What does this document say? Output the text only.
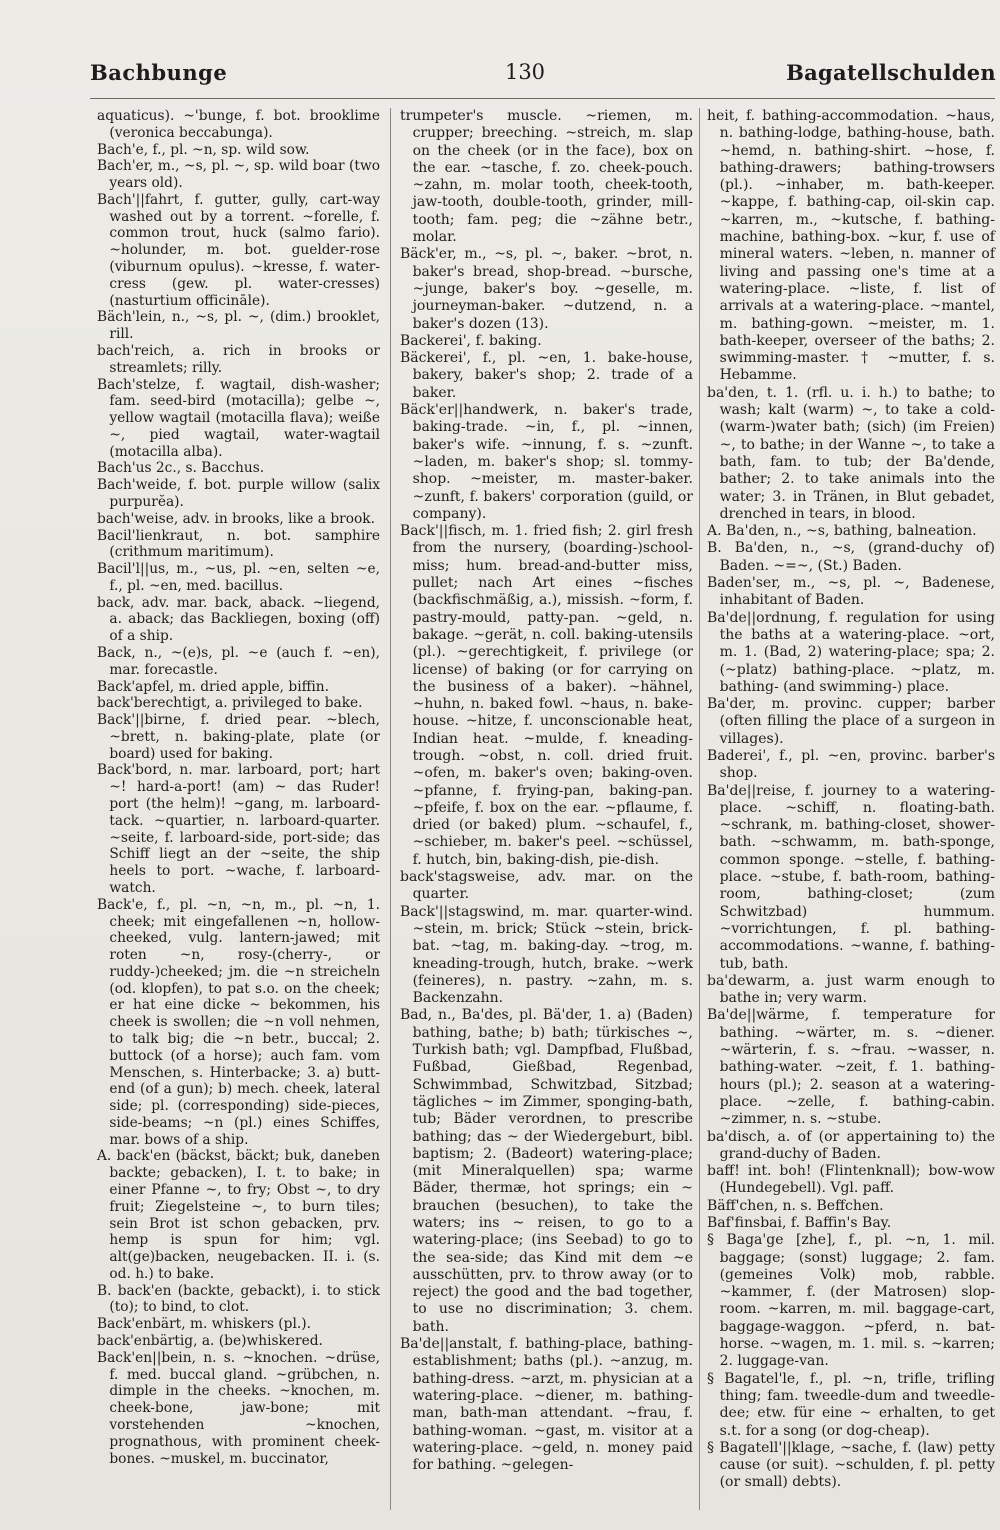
Bachbunge	130	Bagatellschulden

aquaticus). ~'bunge, f. bot. brooklime (veronica beccabunga).

Bach'e, f., pl. ~n, sp. wild sow.

Bach'er, m., ~s, pl. ~, sp. wild boar (two years old).

Bach'||fahrt, f. gutter, gully, cart-way washed out by a torrent. ~forelle, f. common trout, huck (salmo fario). ~holunder, m. bot. guelder-rose (viburnum opulus). ~kresse, f. water-cress (gew. pl. water-cresses) (nasturtium officināle).

Bäch'lein, n., ~s, pl. ~, (dim.) brooklet, rill.

bach'reich, a. rich in brooks or streamlets; rilly.

Bach'stelze, f. wagtail, dish-washer; fam. seed-bird (motacilla); gelbe ~, yellow wagtail (motacilla flava); weiße ~, pied wagtail, water-wagtail (motacilla alba).

Bach'us 2c., s. Bacchus.

Bach'weide, f. bot. purple willow (salix purpurĕa).

bach'weise, adv. in brooks, like a brook.

Bacil'lienkraut, n. bot. samphire (crithmum maritimum).

Bacil'l||us, m., ~us, pl. ~en, selten ~e, f., pl. ~en, med. bacillus.

back, adv. mar. back, aback. ~liegend, a. aback; das Backliegen, boxing (off) of a ship.

Back, n., ~(e)s, pl. ~e (auch f. ~en), mar. forecastle.

Back'apfel, m. dried apple, biffin.

back'berechtigt, a. privileged to bake.

Back'||birne, f. dried pear. ~blech, ~brett, n. baking-plate, plate (or board) used for baking.

Back'bord, n. mar. larboard, port; hart ~! hard-a-port! (am) ~ das Ruder! port (the helm)! ~gang, m. larboard-tack. ~quartier, n. larboard-quarter. ~seite, f. larboard-side, port-side; das Schiff liegt an der ~seite, the ship heels to port. ~wache, f. larboard-watch.

Back'e, f., pl. ~n, ~n, m., pl. ~n, 1. cheek; mit eingefallenen ~n, hollow-cheeked, vulg. lantern-jawed; mit roten ~n, rosy-(cherry-, or ruddy-)cheeked; jm. die ~n streicheln (od. klopfen), to pat s.o. on the cheek; er hat eine dicke ~ bekommen, his cheek is swollen; die ~n voll nehmen, to talk big; die ~n betr., buccal; 2. buttock (of a horse); auch fam. vom Menschen, s. Hinterbacke; 3. a) butt-end (of a gun); b) mech. cheek, lateral side; pl. (corresponding) side-pieces, side-beams; ~n (pl.) eines Schiffes, mar. bows of a ship.

A. back'en (bäckst, bäckt; buk, daneben backte; gebacken), I. t. to bake; in einer Pfanne ~, to fry; Obst ~, to dry fruit; Ziegelsteine ~, to burn tiles; sein Brot ist schon gebacken, prv. hemp is spun for him; vgl. alt(ge)backen, neugebacken. II. i. (s. od. h.) to bake.

B. back'en (backte, gebackt), i. to stick (to); to bind, to clot.

Back'enbärt, m. whiskers (pl.).

back'enbärtig, a. (be)whiskered.

Back'en||bein, n. s. ~knochen. ~drüse, f. med. buccal gland. ~grübchen, n. dimple in the cheeks. ~knochen, m. cheek-bone, jaw-bone; mit vorstehenden ~knochen, prognathous, with prominent cheek-bones. ~muskel, m. buccinator,

trumpeter's muscle. ~riemen, m. crupper; breeching. ~streich, m. slap on the cheek (or in the face), box on the ear. ~tasche, f. zo. cheek-pouch. ~zahn, m. molar tooth, cheek-tooth, jaw-tooth, double-tooth, grinder, mill-tooth; fam. peg; die ~zähne betr., molar.

Bäck'er, m., ~s, pl. ~, baker. ~brot, n. baker's bread, shop-bread. ~bursche, ~junge, baker's boy. ~geselle, m. journeyman-baker. ~dutzend, n. a baker's dozen (13).

Backerei', f. baking.

Bäckerei', f., pl. ~en, 1. bake-house, bakery, baker's shop; 2. trade of a baker.

Bäck'er||handwerk, n. baker's trade, baking-trade. ~in, f., pl. ~innen, baker's wife. ~innung, f. s. ~zunft. ~laden, m. baker's shop; sl. tommy-shop. ~meister, m. master-baker. ~zunft, f. bakers' corporation (guild, or company).

Back'||fisch, m. 1. fried fish; 2. girl fresh from the nursery, (boarding-)school-miss; hum. bread-and-butter miss, pullet; nach Art eines ~fisches (backfischmäßig, a.), missish. ~form, f. pastry-mould, patty-pan. ~geld, n. bakage. ~gerät, n. coll. baking-utensils (pl.). ~gerechtigkeit, f. privilege (or license) of baking (or for carrying on the business of a baker). ~hähnel, ~huhn, n. baked fowl. ~haus, n. bake-house. ~hitze, f. unconscionable heat, Indian heat. ~mulde, f. kneading-trough. ~obst, n. coll. dried fruit. ~ofen, m. baker's oven; baking-oven. ~pfanne, f. frying-pan, baking-pan. ~pfeife, f. box on the ear. ~pflaume, f. dried (or baked) plum. ~schaufel, f., ~schieber, m. baker's peel. ~schüssel, f. hutch, bin, baking-dish, pie-dish.

back'stagsweise, adv. mar. on the quarter.

Back'||stagswind, m. mar. quarter-wind. ~stein, m. brick; Stück ~stein, brick-bat. ~tag, m. baking-day. ~trog, m. kneading-trough, hutch, brake. ~werk (feineres), n. pastry. ~zahn, m. s. Backenzahn.

Bad, n., Ba'des, pl. Bä'der, 1. a) (Baden) bathing, bathe; b) bath; türkisches ~, Turkish bath; vgl. Dampfbad, Flußbad, Fußbad, Gießbad, Regenbad, Schwimmbad, Schwitzbad, Sitzbad; tägliches ~ im Zimmer, sponging-bath, tub; Bäder verordnen, to prescribe bathing; das ~ der Wiedergeburt, bibl. baptism; 2. (Badeort) watering-place; (mit Mineralquellen) spa; warme Bäder, thermæ, hot springs; ein ~ brauchen (besuchen), to take the waters; ins ~ reisen, to go to a watering-place; (ins Seebad) to go to the sea-side; das Kind mit dem ~e ausschütten, prv. to throw away (or to reject) the good and the bad together, to use no discrimination; 3. chem. bath.

Ba'de||anstalt, f. bathing-place, bathing-establishment; baths (pl.). ~anzug, m. bathing-dress. ~arzt, m. physician at a watering-place. ~diener, m. bathing-man, bath-man attendant. ~frau, f. bathing-woman. ~gast, m. visitor at a watering-place. ~geld, n. money paid for bathing. ~gelegen-

heit, f. bathing-accommodation. ~haus, n. bathing-lodge, bathing-house, bath. ~hemd, n. bathing-shirt. ~hose, f. bathing-drawers; bathing-trowsers (pl.). ~inhaber, m. bath-keeper. ~kappe, f. bathing-cap, oil-skin cap. ~karren, m., ~kutsche, f. bathing-machine, bathing-box. ~kur, f. use of mineral waters. ~leben, n. manner of living and passing one's time at a watering-place. ~liste, f. list of arrivals at a watering-place. ~mantel, m. bathing-gown. ~meister, m. 1. bath-keeper, overseer of the baths; 2. swimming-master. † ~mutter, f. s. Hebamme.

ba'den, t. 1. (rfl. u. i. h.) to bathe; to wash; kalt (warm) ~, to take a cold-(warm-)water bath; (sich) (im Freien) ~, to bathe; in der Wanne ~, to take a bath, fam. to tub; der Ba'dende, bather; 2. to take animals into the water; 3. in Tränen, in Blut gebadet, drenched in tears, in blood.

A. Ba'den, n., ~s, bathing, balneation.

B. Ba'den, n., ~s, (grand-duchy of) Baden. ~=~, (St.) Baden.

Baden'ser, m., ~s, pl. ~, Badenese, inhabitant of Baden.

Ba'de||ordnung, f. regulation for using the baths at a watering-place. ~ort, m. 1. (Bad, 2) watering-place; spa; 2. (~platz) bathing-place. ~platz, m. bathing- (and swimming-) place.

Ba'der, m. provinc. cupper; barber (often filling the place of a surgeon in villages).

Baderei', f., pl. ~en, provinc. barber's shop.

Ba'de||reise, f. journey to a watering-place. ~schiff, n. floating-bath. ~schrank, m. bathing-closet, shower-bath. ~schwamm, m. bath-sponge, common sponge. ~stelle, f. bathing-place. ~stube, f. bath-room, bathing-room, bathing-closet; (zum Schwitzbad) hummum. ~vorrichtungen, f. pl. bathing-accommodations. ~wanne, f. bathing-tub, bath.

ba'dewarm, a. just warm enough to bathe in; very warm.

Ba'de||wärme, f. temperature for bathing. ~wärter, m. s. ~diener. ~wärterin, f. s. ~frau. ~wasser, n. bathing-water. ~zeit, f. 1. bathing-hours (pl.); 2. season at a watering-place. ~zelle, f. bathing-cabin. ~zimmer, n. s. ~stube.

ba'disch, a. of (or appertaining to) the grand-duchy of Baden.

baff! int. boh! (Flintenknall); bow-wow (Hundegebell). Vgl. paff.

Bäff'chen, n. s. Beffchen.

Baf'finsbai, f. Baffin's Bay.

§ Baga'ge [zhe], f., pl. ~n, 1. mil. baggage; (sonst) luggage; 2. fam. (gemeines Volk) mob, rabble. ~kammer, f. (der Matrosen) slop-room. ~karren, m. mil. baggage-cart, baggage-waggon. ~pferd, n. bat-horse. ~wagen, m. 1. mil. s. ~karren; 2. luggage-van.

§ Bagatel'le, f., pl. ~n, trifle, trifling thing; fam. tweedle-dum and tweedle-dee; etw. für eine ~ erhalten, to get s.t. for a song (or dog-cheap).

§ Bagatell'||klage, ~sache, f. (law) petty cause (or suit). ~schulden, f. pl. petty (or small) debts).
